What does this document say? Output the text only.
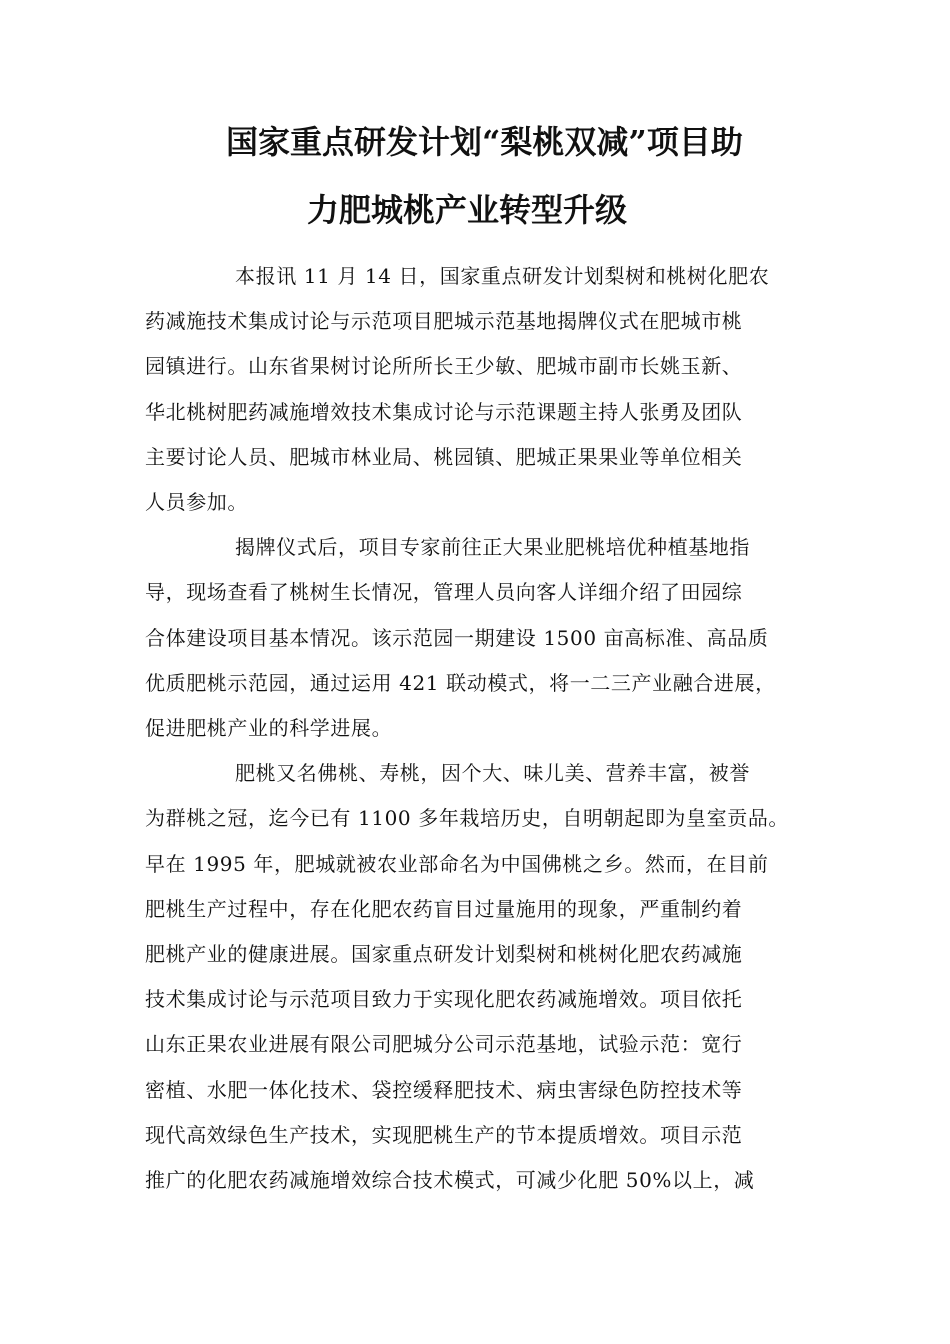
国家重点研发计划“梨桃双减”项目助
力肥城桃产业转型升级

本报讯 11 月 14 日，国家重点研发计划梨树和桃树化肥农
药减施技术集成讨论与示范项目肥城示范基地揭牌仪式在肥城市桃
园镇进行。山东省果树讨论所所长王少敏、肥城市副市长姚玉新、
华北桃树肥药减施增效技术集成讨论与示范课题主持人张勇及团队
主要讨论人员、肥城市林业局、桃园镇、肥城正果果业等单位相关
人员参加。

揭牌仪式后，项目专家前往正大果业肥桃培优种植基地指
导，现场查看了桃树生长情况，管理人员向客人详细介绍了田园综
合体建设项目基本情况。该示范园一期建设 1500 亩高标准、高品质
优质肥桃示范园，通过运用 421 联动模式，将一二三产业融合进展，
促进肥桃产业的科学进展。

肥桃又名佛桃、寿桃，因个大、味儿美、营养丰富，被誉
为群桃之冠，迄今已有 1100 多年栽培历史，自明朝起即为皇室贡品。
早在 1995 年，肥城就被农业部命名为中国佛桃之乡。然而，在目前
肥桃生产过程中，存在化肥农药盲目过量施用的现象，严重制约着
肥桃产业的健康进展。国家重点研发计划梨树和桃树化肥农药减施
技术集成讨论与示范项目致力于实现化肥农药减施增效。项目依托
山东正果农业进展有限公司肥城分公司示范基地，试验示范：宽行
密植、水肥一体化技术、袋控缓释肥技术、病虫害绿色防控技术等
现代高效绿色生产技术，实现肥桃生产的节本提质增效。项目示范
推广的化肥农药减施增效综合技术模式，可减少化肥 50%以上，减
